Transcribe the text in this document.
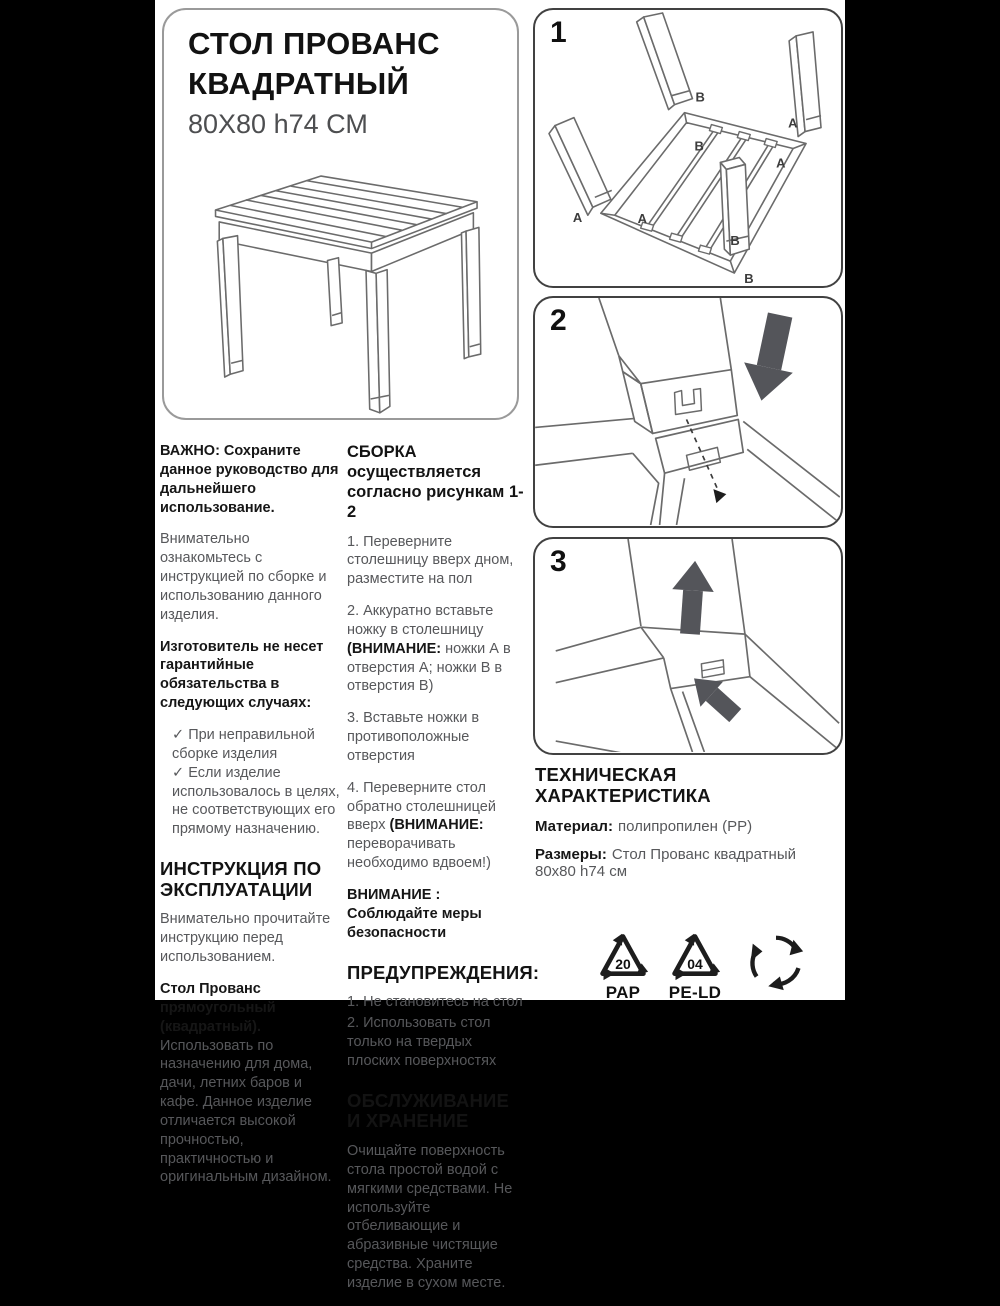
СТОЛ ПРОВАНС
КВАДРАТНЫЙ
80X80 h74 СМ
1
B
A
B
A
A	A
B
B
2
3

ВАЖНО: Сохраните данное руководство для дальнейшего использование.

Внимательно ознакомьтесь с инструкцией по сборке и использованию данного изделия.

Изготовитель не несет гарантийные обязательства в следующих случаях:

✓ При неправильной сборке изделия

✓ Если изделие использовалось в целях, не соответствующих его прямому назначению.

ИНСТРУКЦИЯ ПО ЭКСПЛУАТАЦИИ

Внимательно прочитайте инструкцию перед использованием.

Стол Прованс прямоугольный (квадратный).
Использовать по назначению для дома, дачи, летних баров и кафе. Данное изделие отличается высокой прочностью, практичностью и оригинальным дизайном.

СБОРКА осуществляется согласно рисункам 1-2

1. Переверните столешницу вверх дном, разместите на пол

2. Аккуратно вставьте ножку в столешницу (ВНИМАНИЕ: ножки А в отверстия А; ножки В в отверстия В)

3. Вставьте ножки в противоположные отверстия

4. Переверните стол обратно столешницей вверх (ВНИМАНИЕ: переворачивать необходимо вдвоем!)

ВНИМАНИЕ : Соблюдайте меры безопасности

ПРЕДУПРЕЖДЕНИЯ:

1. Не становитесь на стол

2. Использовать стол только на твердых плоских поверхностях

ОБСЛУЖИВАНИЕ И ХРАНЕНИЕ

Очищайте поверхность стола простой водой с мягкими средствами. Не используйте отбеливающие и абразивные чистящие средства. Храните изделие в сухом месте.

ТЕХНИЧЕСКАЯ ХАРАКТЕРИСТИКА

Материал: полипропилен (PP)

Размеры: Стол Прованс квадратный 80х80 h74 см

20
PAP
04
PE-LD
